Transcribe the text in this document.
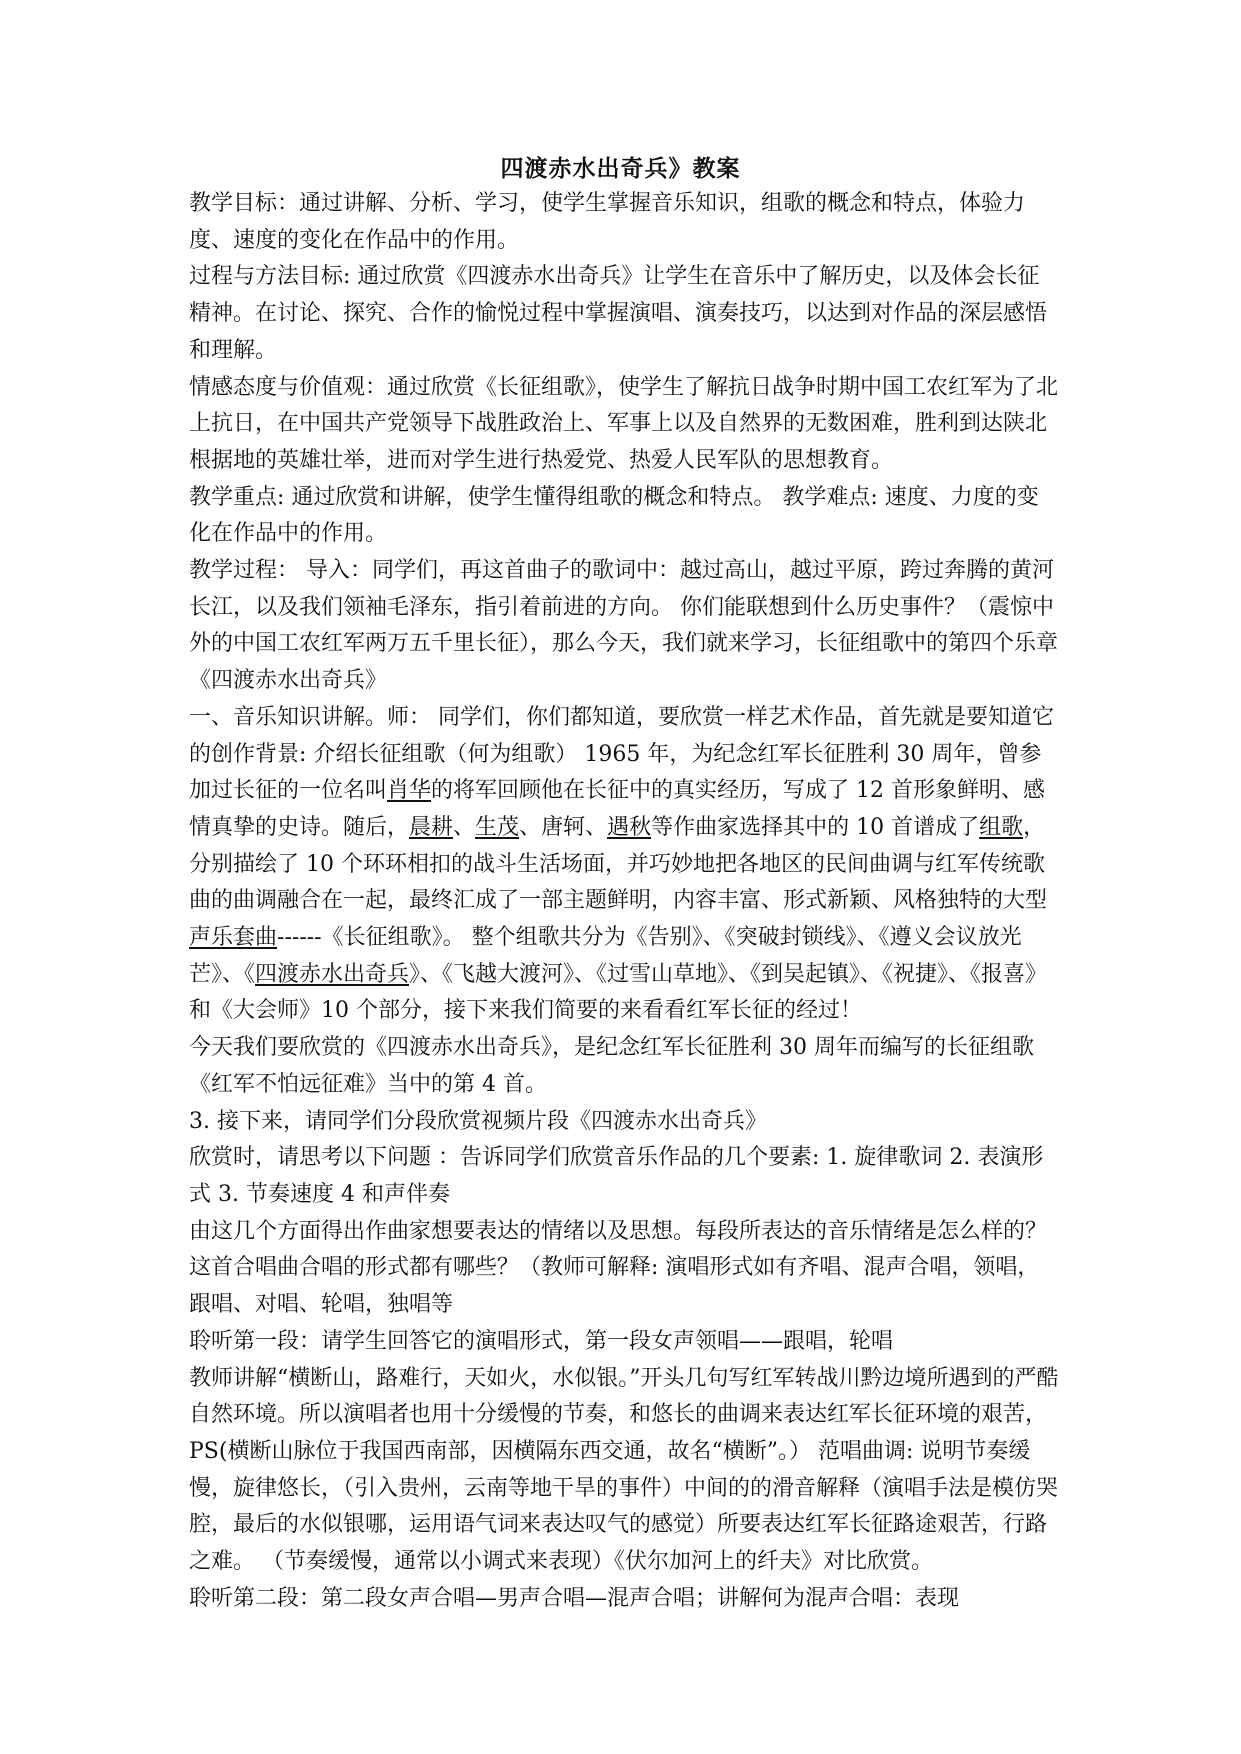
四渡赤水出奇兵》教案

教学目标：通过讲解、分析、学习，使学生掌握音乐知识，组歌的概念和特点，体验力度、速度的变化在作品中的作用。

过程与方法目标: 通过欣赏《四渡赤水出奇兵》让学生在音乐中了解历史，以及体会长征精神。在讨论、探究、合作的愉悦过程中掌握演唱、演奏技巧，以达到对作品的深层感悟和理解。

情感态度与价值观：通过欣赏《长征组歌》，使学生了解抗日战争时期中国工农红军为了北上抗日，在中国共产党领导下战胜政治上、军事上以及自然界的无数困难，胜利到达陕北根据地的英雄壮举，进而对学生进行热爱党、热爱人民军队的思想教育。

教学重点: 通过欣赏和讲解，使学生懂得组歌的概念和特点。 教学难点: 速度、力度的变化在作品中的作用。

教学过程： 导入：同学们，再这首曲子的歌词中：越过高山，越过平原，跨过奔腾的黄河长江，以及我们领袖毛泽东，指引着前进的方向。 你们能联想到什么历史事件？（震惊中外的中国工农红军两万五千里长征），那么今天，我们就来学习，长征组歌中的第四个乐章《四渡赤水出奇兵》

一、音乐知识讲解。师： 同学们，你们都知道，要欣赏一样艺术作品，首先就是要知道它的创作背景: 介绍长征组歌（何为组歌） 1965 年，为纪念红军长征胜利 30 周年，曾参加过长征的一位名叫肖华的将军回顾他在长征中的真实经历，写成了 12 首形象鲜明、感情真挚的史诗。随后，晨耕、生茂、唐轲、遇秋等作曲家选择其中的 10 首谱成了组歌，分别描绘了 10 个环环相扣的战斗生活场面，并巧妙地把各地区的民间曲调与红军传统歌曲的曲调融合在一起，最终汇成了一部主题鲜明，内容丰富、形式新颖、风格独特的大型声乐套曲------《长征组歌》。 整个组歌共分为《告别》、《突破封锁线》、《遵义会议放光芒》、《四渡赤水出奇兵》、《飞越大渡河》、《过雪山草地》、《到吴起镇》、《祝捷》、《报喜》 和《大会师》10 个部分，接下来我们简要的来看看红军长征的经过！

今天我们要欣赏的《四渡赤水出奇兵》，是纪念红军长征胜利 30 周年而编写的长征组歌《红军不怕远征难》当中的第 4 首。

3. 接下来，请同学们分段欣赏视频片段《四渡赤水出奇兵》

欣赏时，请思考以下问题 ：告诉同学们欣赏音乐作品的几个要素: 1. 旋律歌词 2. 表演形式 3. 节奏速度 4 和声伴奏

由这几个方面得出作曲家想要表达的情绪以及思想。每段所表达的音乐情绪是怎么样的？这首合唱曲合唱的形式都有哪些？（教师可解释: 演唱形式如有齐唱、混声合唱，领唱，跟唱、对唱、轮唱，独唱等

聆听第一段：请学生回答它的演唱形式，第一段女声领唱——跟唱，轮唱

教师讲解“横断山，路难行，天如火，水似银。”开头几句写红军转战川黔边境所遇到的严酷自然环境。所以演唱者也用十分缓慢的节奏，和悠长的曲调来表达红军长征环境的艰苦，

PS(横断山脉位于我国西南部，因横隔东西交通，故名“横断”。） 范唱曲调: 说明节奏缓慢，旋律悠长，（引入贵州，云南等地干旱的事件）中间的的滑音解释（演唱手法是模仿哭腔，最后的水似银哪，运用语气词来表达叹气的感觉）所要表达红军长征路途艰苦，行路之难。 （节奏缓慢，通常以小调式来表现）《伏尔加河上的纤夫》对比欣赏。

聆听第二段：第二段女声合唱—男声合唱—混声合唱；讲解何为混声合唱：表现
